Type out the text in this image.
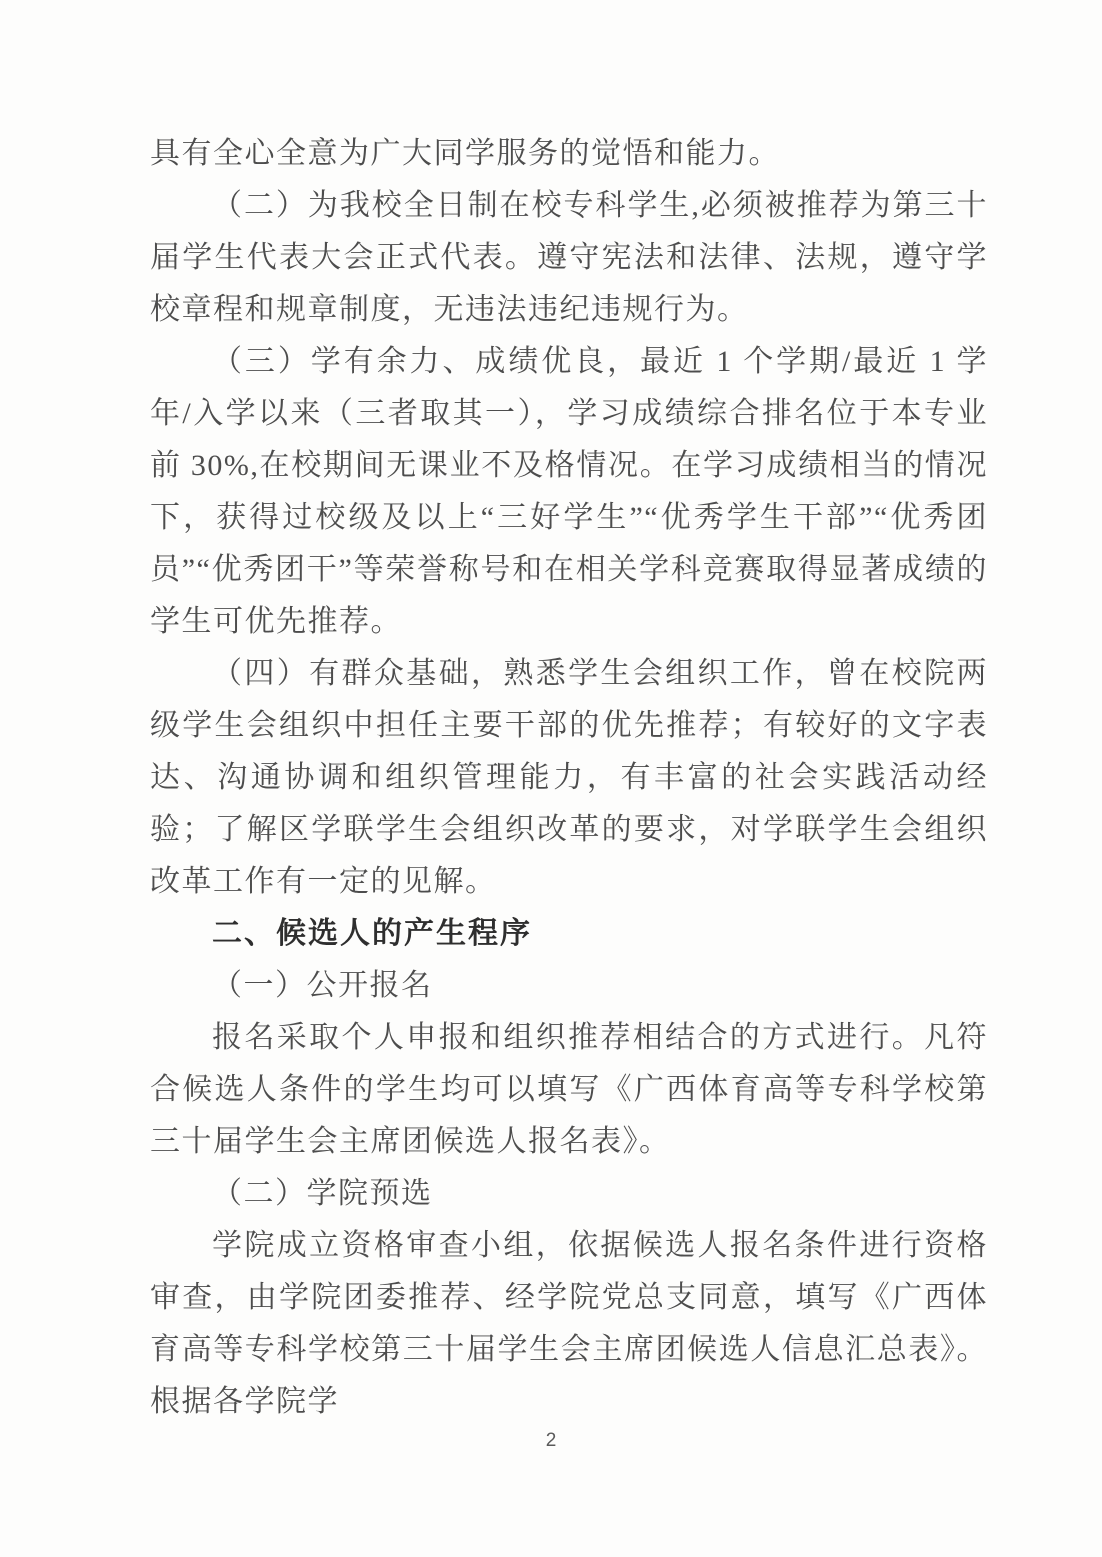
具有全心全意为广大同学服务的觉悟和能力。

（二）为我校全日制在校专科学生,必须被推荐为第三十届学生代表大会正式代表。遵守宪法和法律、法规，遵守学校章程和规章制度，无违法违纪违规行为。

（三）学有余力、成绩优良，最近 1 个学期/最近 1 学年/入学以来（三者取其一），学习成绩综合排名位于本专业前 30%,在校期间无课业不及格情况。在学习成绩相当的情况下，获得过校级及以上“三好学生”“优秀学生干部”“优秀团员”“优秀团干”等荣誉称号和在相关学科竞赛取得显著成绩的学生可优先推荐。

（四）有群众基础，熟悉学生会组织工作，曾在校院两级学生会组织中担任主要干部的优先推荐；有较好的文字表达、沟通协调和组织管理能力，有丰富的社会实践活动经验；了解区学联学生会组织改革的要求，对学联学生会组织改革工作有一定的见解。

二、候选人的产生程序

（一）公开报名

报名采取个人申报和组织推荐相结合的方式进行。凡符合候选人条件的学生均可以填写《广西体育高等专科学校第三十届学生会主席团候选人报名表》。

（二）学院预选

学院成立资格审查小组，依据候选人报名条件进行资格审查，由学院团委推荐、经学院党总支同意，填写《广西体育高等专科学校第三十届学生会主席团候选人信息汇总表》。根据各学院学

2
